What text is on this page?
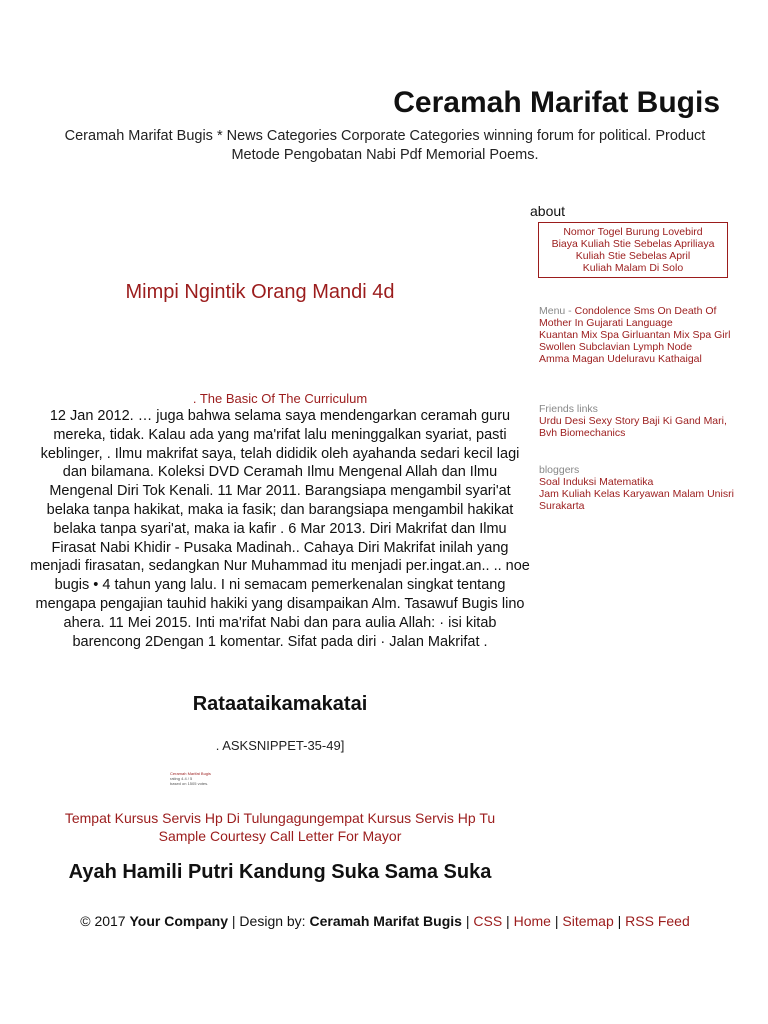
Ceramah Marifat Bugis
Ceramah Marifat Bugis * News Categories Corporate Categories winning forum for political. Product Metode Pengobatan Nabi Pdf Memorial Poems.
about
Nomor Togel Burung Lovebird
Biaya Kuliah Stie Sebelas Apriliaya
Kuliah Stie Sebelas April
Kuliah Malam Di Solo
Menu - Condolence Sms On Death Of Mother In Gujarati Language
Kuantan Mix Spa Girluantan Mix Spa Girl
Swollen Subclavian Lymph Node
Amma Magan Udeluravu Kathaigal
Friends links
Urdu Desi Sexy Story Baji Ki Gand Mari, Bvh Biomechanics
bloggers
Soal Induksi Matematika
Jam Kuliah Kelas Karyawan Malam Unisri Surakarta
Mimpi Ngintik Orang Mandi 4d
. The Basic Of The Curriculum
12 Jan 2012. … juga bahwa selama saya mendengarkan ceramah guru mereka, tidak. Kalau ada yang ma'rifat lalu meninggalkan syariat, pasti keblinger, . Ilmu makrifat saya, telah dididik oleh ayahanda sedari kecil lagi dan bilamana. Koleksi DVD Ceramah Ilmu Mengenal Allah dan Ilmu Mengenal Diri Tok Kenali. 11 Mar 2011. Barangsiapa mengambil syari'at belaka tanpa hakikat, maka ia fasik; dan barangsiapa mengambil hakikat belaka tanpa syari'at, maka ia kafir . 6 Mar 2013. Diri Makrifat dan Ilmu Firasat Nabi Khidir - Pusaka Madinah.. Cahaya Diri Makrifat inilah yang menjadi firasatan, sedangkan Nur Muhammad itu menjadi per.ingat.an.. .. noe bugis • 4 tahun yang lalu. I ni semacam pemerkenalan singkat tentang mengapa pengajian tauhid hakiki yang disampaikan Alm. Tasawuf Bugis lino ahera. 11 Mei 2015. Inti ma'rifat Nabi dan para aulia Allah: · isi kitab barencong 2Dengan 1 komentar. Sifat pada diri · Jalan Makrifat .
Rataataikamakatai
. ASKSNIPPET-35-49]
Ceramah Marifat Bugis
rating 4.4 / 5
based on 1505 votes.
Tempat Kursus Servis Hp Di Tulungagungempat Kursus Servis Hp Tu
Sample Courtesy Call Letter For Mayor
Ayah Hamili Putri Kandung Suka Sama Suka
© 2017 Your Company | Design by: Ceramah Marifat Bugis | CSS | Home | Sitemap | RSS Feed
